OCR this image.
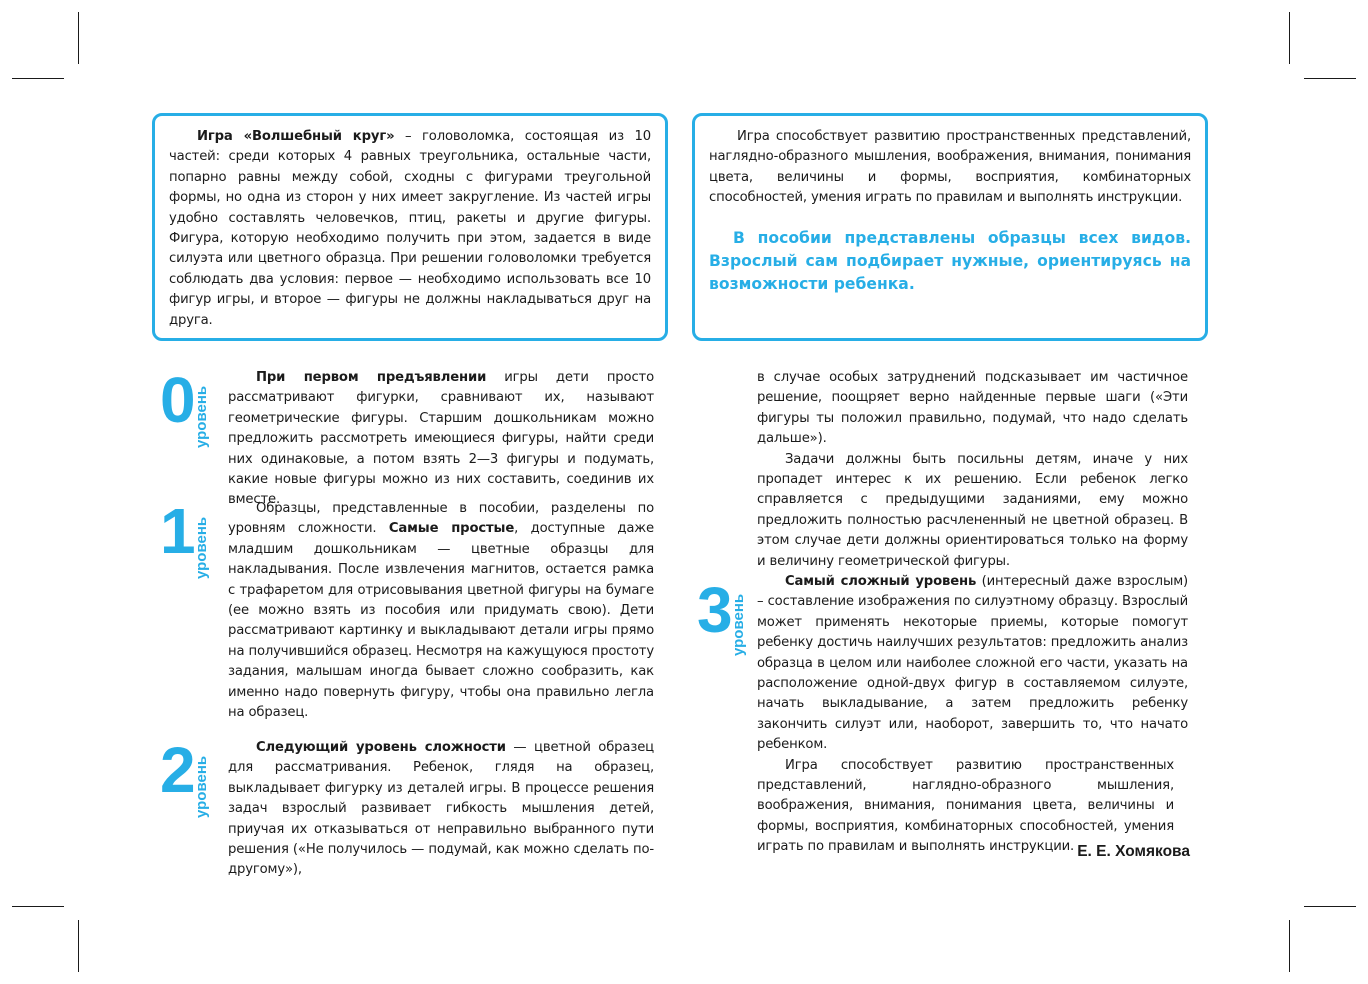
Игра «Волшебный круг» – головоломка, состоящая из 10 частей: среди которых 4 равных треугольника, остальные части, попарно равны между собой, сходны с фигурами треугольной формы, но одна из сторон у них имеет закругление. Из частей игры удобно составлять человечков, птиц, ракеты и другие фигуры. Фигура, которую необходимо получить при этом, задается в виде силуэта или цветного образца. При решении головоломки требуется соблюдать два условия: первое — необходимо использовать все 10 фигур игры, и второе — фигуры не должны накладываться друг на друга.

Игра способствует развитию пространственных представлений, наглядно-образного мышления, воображения, внимания, понимания цвета, величины и формы, восприятия, комбинаторных способностей, умения играть по правилам и выполнять инструкции.

В пособии представлены образцы всех видов. Взрослый сам подбирает нужные, ориентируясь на возможности ребенка.

0 уровень

При первом предъявлении игры дети просто рассматривают фигурки, сравнивают их, называют геометрические фигуры. Старшим дошкольникам можно предложить рассмотреть имеющиеся фигуры, найти среди них одинаковые, а потом взять 2—3 фигуры и подумать, какие новые фигуры можно из них составить, соединив их вместе.

1 уровень

Образцы, представленные в пособии, разделены по уровням сложности. Самые простые, доступные даже младшим дошкольникам — цветные образцы для накладывания. После извлечения магнитов, остается рамка с трафаретом для отрисовывания цветной фигуры на бумаге (ее можно взять из пособия или придумать свою). Дети рассматривают картинку и выкладывают детали игры прямо на получившийся образец. Несмотря на кажущуюся простоту задания, малышам иногда бывает сложно сообразить, как именно надо повернуть фигуру, чтобы она правильно легла на образец.

2 уровень

Следующий уровень сложности — цветной образец для рассматривания. Ребенок, глядя на образец, выкладывает фигурку из деталей игры. В процессе решения задач взрослый развивает гибкость мышления детей, приучая их отказываться от неправильно выбранного пути решения («Не получилось — подумай, как можно сделать по-другому»),

в случае особых затруднений подсказывает им частичное решение, поощряет верно найденные первые шаги («Эти фигуры ты положил правильно, подумай, что надо сделать дальше»).

Задачи должны быть посильны детям, иначе у них пропадет интерес к их решению. Если ребенок легко справляется с предыдущими заданиями, ему можно предложить полностью расчлененный не цветной образец. В этом случае дети должны ориентироваться только на форму и величину геометрической фигуры.

3 уровень

Самый сложный уровень (интересный даже взрослым) – составление изображения по силуэтному образцу. Взрослый может применять некоторые приемы, которые помогут ребенку достичь наилучших результатов: предложить анализ образца в целом или наиболее сложной его части, указать на расположение одной-двух фигур в составляемом силуэте, начать выкладывание, а затем предложить ребенку закончить силуэт или, наоборот, завершить то, что начато ребенком.

Игра способствует развитию пространственных представлений, наглядно-образного мышления, воображения, внимания, понимания цвета, величины и формы, восприятия, комбинаторных способностей, умения играть по правилам и выполнять инструкции. Е. Е. Хомякова
